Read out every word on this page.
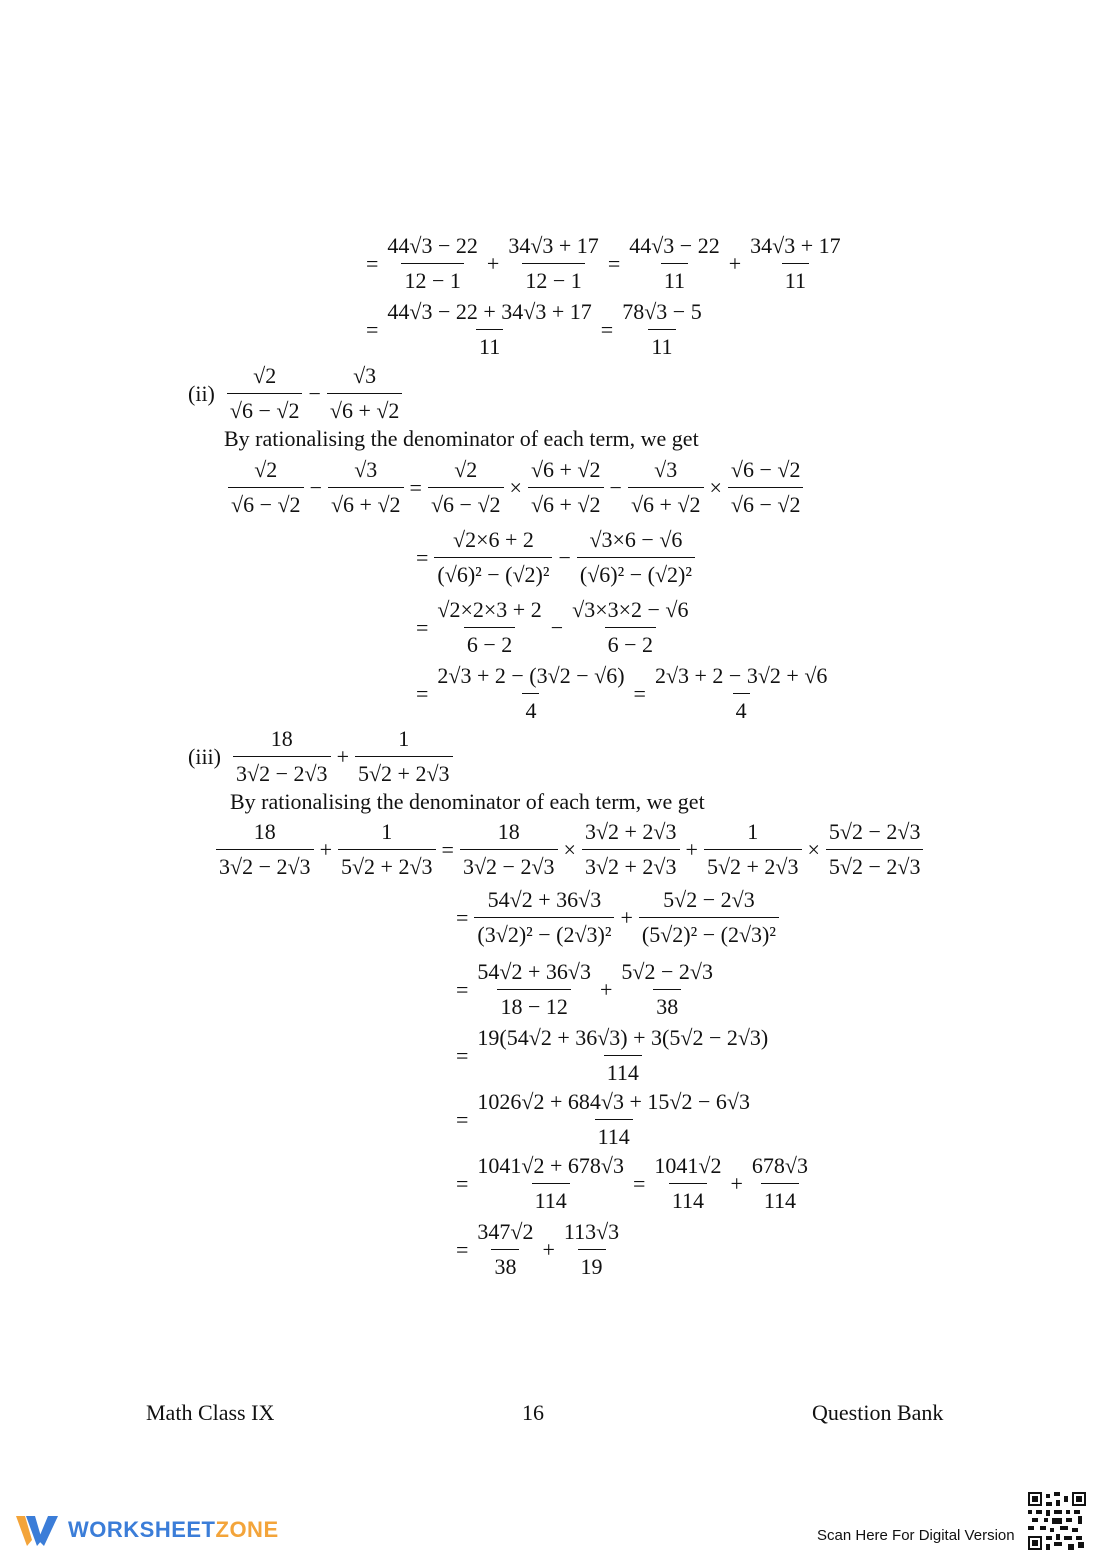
= $\frac{44√3 - 22}{12 - 1} + \frac{34√3 + 17}{12 - 1} = \frac{44√3 - 22}{11} + \frac{34√3 + 17}{11}$
= $\frac{44√3 - 22 + 34√3 + 17}{11} = \frac{78√3 - 5}{11}$
$(ii) \frac{√2}{√6 - √2} - \frac{√3}{√6 + √2}$
By rationalising the denominator of each term, we get
$\frac{√2}{√6 - √2} - \frac{√3}{√6 + √2} = \frac{√2}{√6 - √2} \times \frac{√6 + √2}{√6 + √2} - \frac{√3}{√6 + √2} \times \frac{√6 - √2}{√6 - √2}$
= $\frac{√2\times 6 + 2}{\text{(√6)² − (√2)²}} - \frac{√3\times 6 - √6}{\text{(√6)² − (√2)²}}$
= $\frac{√2\times 2\times 3 + 2}{6 - 2} - \frac{√3\times 3\times 2 - √6}{6 - 2}$
= $\frac{2√3 + 2 - (3√2 - √6)}{4} = \frac{2√3 + 2 - 3√2 + √6}{4}$
$(iii) \frac{18}{3√2 - 2√3} + \frac{1}{5√2 + 2√3}$
By rationalising the denominator of each term, we get
$\frac{18}{3√2 - 2√3} + \frac{1}{5√2 + 2√3} = \frac{18}{3√2 - 2√3} \times \frac{3√2 + 2√3}{3√2 + 2√3} + \frac{1}{5√2 + 2√3} \times \frac{5√2 - 2√3}{5√2 - 2√3}$
= $\frac{54√2 + 36√3}{\text{(3√2)² − (2√3)²}} + \frac{5√2 - 2√3}{\text{(5√2)² − (2√3)²}}$
= $\frac{54√2 + 36√3}{18 - 12} + \frac{5√2 - 2√3}{38}$
= $\frac{19(54√2 + 36√3) + 3(5√2 - 2√3)}{114}$
= $\frac{1026√2 + 684√3 + 15√2 - 6√3}{114}$
= $\frac{1041√2 + 678√3}{114} = \frac{1041√2}{114} + \frac{678√3}{114}$
= $\frac{347√2}{38} + \frac{113√3}{19}$
Math Class IX	16	Question Bank
WORKSHEETZONE	Scan Here For Digital Version
